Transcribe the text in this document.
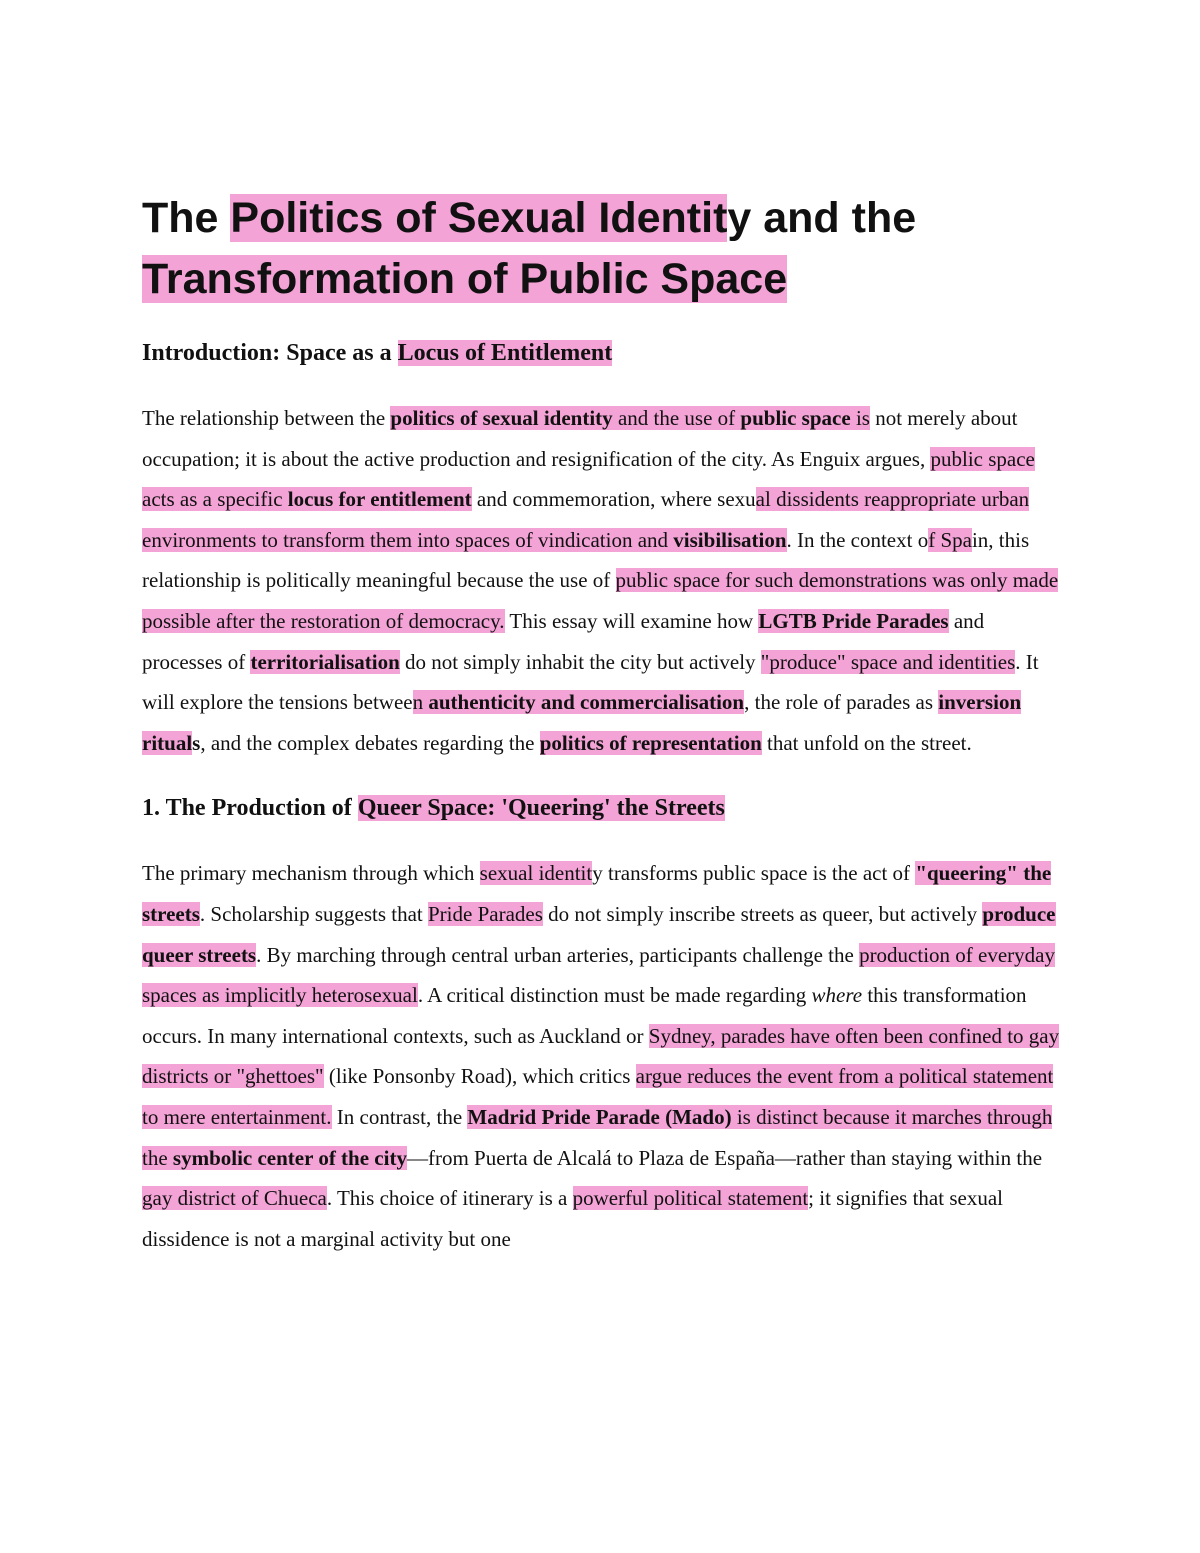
The Politics of Sexual Identity and the Transformation of Public Space
Introduction: Space as a Locus of Entitlement

The relationship between the politics of sexual identity and the use of public space is not merely about occupation; it is about the active production and resignification of the city. As Enguix argues, public space acts as a specific locus for entitlement and commemoration, where sexual dissidents reappropriate urban environments to transform them into spaces of vindication and visibilisation. In the context of Spain, this relationship is politically meaningful because the use of public space for such demonstrations was only made possible after the restoration of democracy. This essay will examine how LGTB Pride Parades and processes of territorialisation do not simply inhabit the city but actively "produce" space and identities. It will explore the tensions between authenticity and commercialisation, the role of parades as inversion rituals, and the complex debates regarding the politics of representation that unfold on the street.

1. The Production of Queer Space: 'Queering' the Streets

The primary mechanism through which sexual identity transforms public space is the act of "queering" the streets. Scholarship suggests that Pride Parades do not simply inscribe streets as queer, but actively produce queer streets. By marching through central urban arteries, participants challenge the production of everyday spaces as implicitly heterosexual. A critical distinction must be made regarding where this transformation occurs. In many international contexts, such as Auckland or Sydney, parades have often been confined to gay districts or "ghettoes" (like Ponsonby Road), which critics argue reduces the event from a political statement to mere entertainment. In contrast, the Madrid Pride Parade (Mado) is distinct because it marches through the symbolic center of the city—from Puerta de Alcalá to Plaza de España—rather than staying within the gay district of Chueca. This choice of itinerary is a powerful political statement; it signifies that sexual dissidence is not a marginal activity but one
